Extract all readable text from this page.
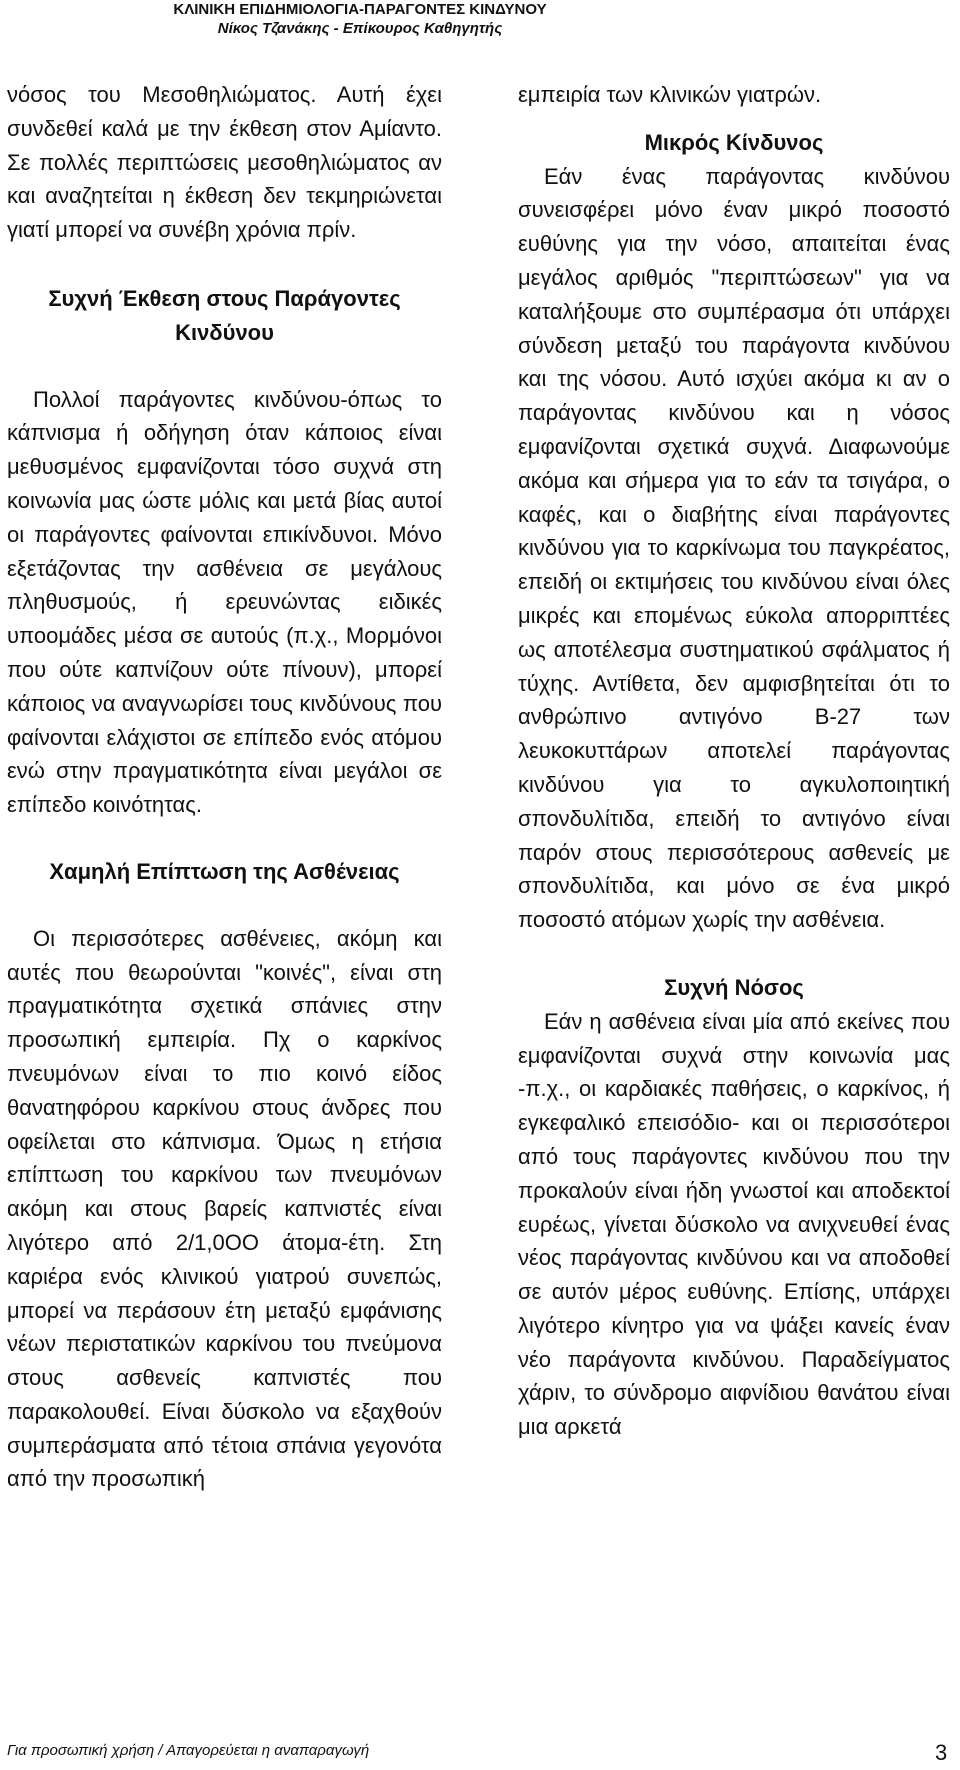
ΚΛΙΝΙΚΗ ΕΠΙΔΗΜΙΟΛΟΓΙΑ-ΠΑΡΑΓΟΝΤΕΣ ΚΙΝΔΥΝΟΥ
Νίκος Τζανάκης - Επίκουρος Καθηγητής

νόσος του Μεσοθηλιώματος. Αυτή έχει συνδεθεί καλά με την έκθεση στον Αμίαντο. Σε πολλές περιπτώσεις μεσοθηλιώματος αν και αναζητείται η έκθεση δεν τεκμηριώνεται γιατί μπορεί να συνέβη χρόνια πρίν.

Συχνή Έκθεση στους Παράγοντες Κινδύνου

Πολλοί παράγοντες κινδύνου-όπως το κάπνισμα ή οδήγηση όταν κάποιος είναι μεθυσμένος εμφανίζονται τόσο συχνά στη κοινωνία μας ώστε μόλις και μετά βίας αυτοί οι παράγοντες φαίνονται επικίνδυνοι. Μόνο εξετάζοντας την ασθένεια σε μεγάλους πληθυσμούς, ή ερευνώντας ειδικές υποομάδες μέσα σε αυτούς (π.χ., Μορμόνοι που ούτε καπνίζουν ούτε πίνουν), μπορεί κάποιος να αναγνωρίσει τους κινδύνους που φαίνονται ελάχιστοι σε επίπεδο ενός ατόμου ενώ στην πραγματικότητα είναι μεγάλοι σε επίπεδο κοινότητας.

Χαμηλή Επίπτωση της Ασθένειας

Οι περισσότερες ασθένειες, ακόμη και αυτές που θεωρούνται "κοινές", είναι στη πραγματικότητα σχετικά σπάνιες στην προσωπική εμπειρία. Πχ ο καρκίνος πνευμόνων είναι το πιο κοινό είδος θανατηφόρου καρκίνου στους άνδρες που οφείλεται στο κάπνισμα. Όμως η ετήσια επίπτωση του καρκίνου των πνευμόνων ακόμη και στους βαρείς καπνιστές είναι λιγότερο από 2/1,0ΟΟ άτομα-έτη. Στη καριέρα ενός κλινικού γιατρού συνεπώς, μπορεί να περάσουν έτη μεταξύ εμφάνισης νέων περιστατικών καρκίνου του πνεύμονα στους ασθενείς καπνιστές που παρακολουθεί. Είναι δύσκολο να εξαχθούν συμπεράσματα από τέτοια σπάνια γεγονότα από την προσωπική

εμπειρία των κλινικών γιατρών.

Μικρός Κίνδυνος

Εάν ένας παράγοντας κινδύνου συνεισφέρει μόνο έναν μικρό ποσοστό ευθύνης για την νόσο, απαιτείται ένας μεγάλος αριθμός "περιπτώσεων" για να καταλήξουμε στο συμπέρασμα ότι υπάρχει σύνδεση μεταξύ του παράγοντα κινδύνου και της νόσου. Αυτό ισχύει ακόμα κι αν ο παράγοντας κινδύνου και η νόσος εμφανίζονται σχετικά συχνά. Διαφωνούμε ακόμα και σήμερα για το εάν τα τσιγάρα, ο καφές, και ο διαβήτης είναι παράγοντες κινδύνου για το καρκίνωμα του παγκρέατος, επειδή οι εκτιμήσεις του κινδύνου είναι όλες μικρές και επομένως εύκολα απορριπτέες ως αποτέλεσμα συστηματικού σφάλματος ή τύχης. Αντίθετα, δεν αμφισβητείται ότι το ανθρώπινο αντιγόνο Β-27 των λευκοκυττάρων αποτελεί παράγοντας κινδύνου για το αγκυλοποιητική σπονδυλίτιδα, επειδή το αντιγόνο είναι παρόν στους περισσότερους ασθενείς με σπονδυλίτιδα, και μόνο σε ένα μικρό ποσοστό ατόμων χωρίς την ασθένεια.

Συχνή Νόσος

Εάν η ασθένεια είναι μία από εκείνες που εμφανίζονται συχνά στην κοινωνία μας -π.χ., οι καρδιακές παθήσεις, ο καρκίνος, ή εγκεφαλικό επεισόδιο- και οι περισσότεροι από τους παράγοντες κινδύνου που την προκαλούν είναι ήδη γνωστοί και αποδεκτοί ευρέως, γίνεται δύσκολο να ανιχνευθεί ένας νέος παράγοντας κινδύνου και να αποδοθεί σε αυτόν μέρος ευθύνης. Επίσης, υπάρχει λιγότερο κίνητρο για να ψάξει κανείς έναν νέο παράγοντα κινδύνου. Παραδείγματος χάριν, το σύνδρομο αιφνίδιου θανάτου είναι μια αρκετά

Για προσωπική χρήση / Απαγορεύεται η αναπαραγωγή	3
